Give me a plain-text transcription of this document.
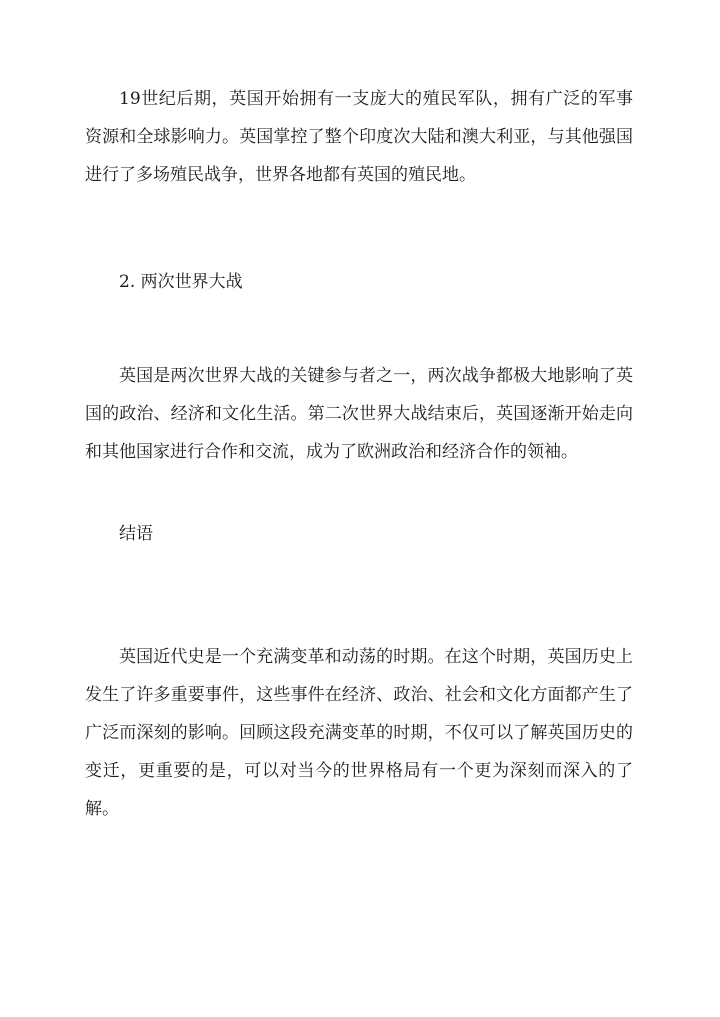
19世纪后期，英国开始拥有一支庞大的殖民军队，拥有广泛的军事资源和全球影响力。英国掌控了整个印度次大陆和澳大利亚，与其他强国进行了多场殖民战争，世界各地都有英国的殖民地。

2. 两次世界大战

英国是两次世界大战的关键参与者之一，两次战争都极大地影响了英国的政治、经济和文化生活。第二次世界大战结束后，英国逐渐开始走向和其他国家进行合作和交流，成为了欧洲政治和经济合作的领袖。

结语

英国近代史是一个充满变革和动荡的时期。在这个时期，英国历史上发生了许多重要事件，这些事件在经济、政治、社会和文化方面都产生了广泛而深刻的影响。回顾这段充满变革的时期，不仅可以了解英国历史的变迁，更重要的是，可以对当今的世界格局有一个更为深刻而深入的了解。
